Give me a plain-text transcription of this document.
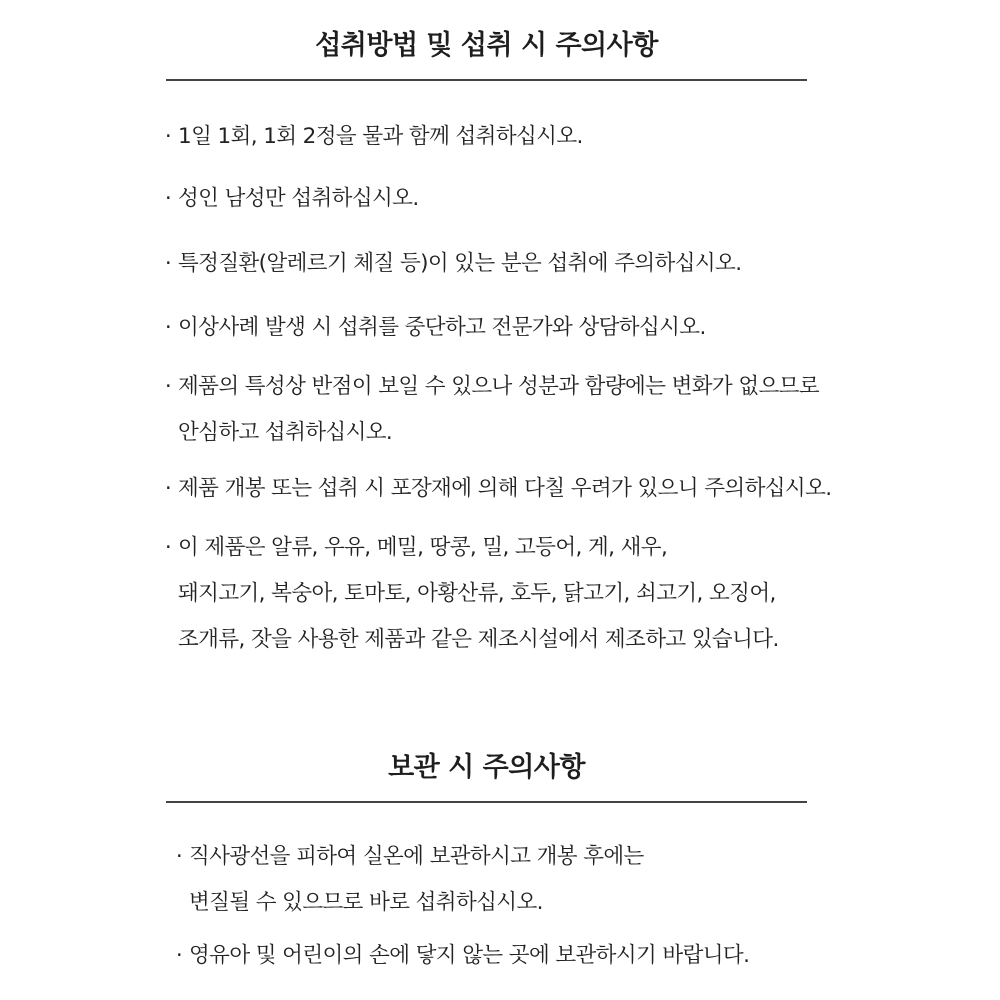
섭취방법 및 섭취 시 주의사항
· 1일 1회, 1회 2정을 물과 함께 섭취하십시오.
· 성인 남성만 섭취하십시오.
· 특정질환(알레르기 체질 등)이 있는 분은 섭취에 주의하십시오.
· 이상사례 발생 시 섭취를 중단하고 전문가와 상담하십시오.
· 제품의 특성상 반점이 보일 수 있으나 성분과 함량에는 변화가 없으므로
안심하고 섭취하십시오.
· 제품 개봉 또는 섭취 시 포장재에 의해 다칠 우려가 있으니 주의하십시오.
· 이 제품은 알류, 우유, 메밀, 땅콩, 밀, 고등어, 게, 새우,
돼지고기, 복숭아, 토마토, 아황산류, 호두, 닭고기, 쇠고기, 오징어,
조개류, 잣을 사용한 제품과 같은 제조시설에서 제조하고 있습니다.
보관 시 주의사항
· 직사광선을 피하여 실온에 보관하시고 개봉 후에는
변질될 수 있으므로 바로 섭취하십시오.
· 영유아 및 어린이의 손에 닿지 않는 곳에 보관하시기 바랍니다.
